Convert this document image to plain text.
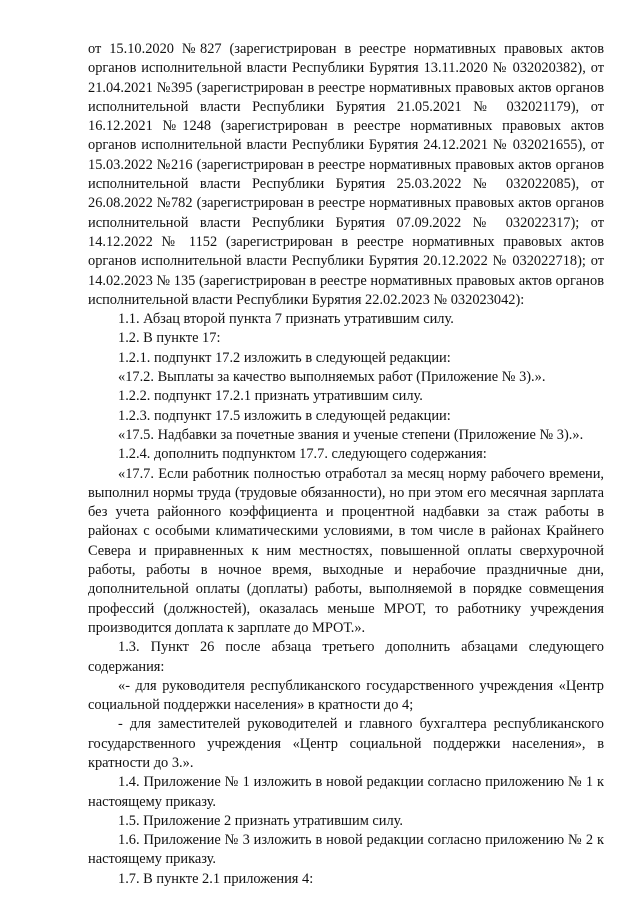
от 15.10.2020 №827 (зарегистрирован в реестре нормативных правовых актов органов исполнительной власти Республики Бурятия 13.11.2020 № 032020382), от 21.04.2021 №395 (зарегистрирован в реестре нормативных правовых актов органов исполнительной власти Республики Бурятия 21.05.2021 № 032021179), от 16.12.2021 №1248 (зарегистрирован в реестре нормативных правовых актов органов исполнительной власти Республики Бурятия 24.12.2021 № 032021655), от 15.03.2022 №216 (зарегистрирован в реестре нормативных правовых актов органов исполнительной власти Республики Бурятия 25.03.2022 № 032022085), от 26.08.2022 №782 (зарегистрирован в реестре нормативных правовых актов органов исполнительной власти Республики Бурятия 07.09.2022 № 032022317); от 14.12.2022 № 1152 (зарегистрирован в реестре нормативных правовых актов органов исполнительной власти Республики Бурятия 20.12.2022 № 032022718); от 14.02.2023 № 135 (зарегистрирован в реестре нормативных правовых актов органов исполнительной власти Республики Бурятия 22.02.2023 № 032023042):

1.1. Абзац второй пункта 7 признать утратившим силу.

1.2. В пункте 17:

1.2.1. подпункт 17.2 изложить в следующей редакции:

«17.2. Выплаты за качество выполняемых работ (Приложение № 3).».

1.2.2. подпункт 17.2.1 признать утратившим силу.

1.2.3. подпункт 17.5 изложить в следующей редакции:

«17.5. Надбавки за почетные звания и ученые степени (Приложение № 3).».

1.2.4. дополнить подпунктом 17.7. следующего содержания:

«17.7. Если работник полностью отработал за месяц норму рабочего времени, выполнил нормы труда (трудовые обязанности), но при этом его месячная зарплата без учета районного коэффициента и процентной надбавки за стаж работы в районах с особыми климатическими условиями, в том числе в районах Крайнего Севера и приравненных к ним местностях, повышенной оплаты сверхурочной работы, работы в ночное время, выходные и нерабочие праздничные дни, дополнительной оплаты (доплаты) работы, выполняемой в порядке совмещения профессий (должностей), оказалась меньше МРОТ, то работнику учреждения производится доплата к зарплате до МРОТ.».

1.3. Пункт 26 после абзаца третьего дополнить абзацами следующего содержания:

«- для руководителя республиканского государственного учреждения «Центр социальной поддержки населения» в кратности до 4;

- для заместителей руководителей и главного бухгалтера республиканского государственного учреждения «Центр социальной поддержки населения», в кратности до 3.».

1.4. Приложение № 1 изложить в новой редакции согласно приложению № 1 к настоящему приказу.

1.5. Приложение 2 признать утратившим силу.

1.6. Приложение № 3 изложить в новой редакции согласно приложению № 2 к настоящему приказу.

1.7. В пункте 2.1 приложения 4:
